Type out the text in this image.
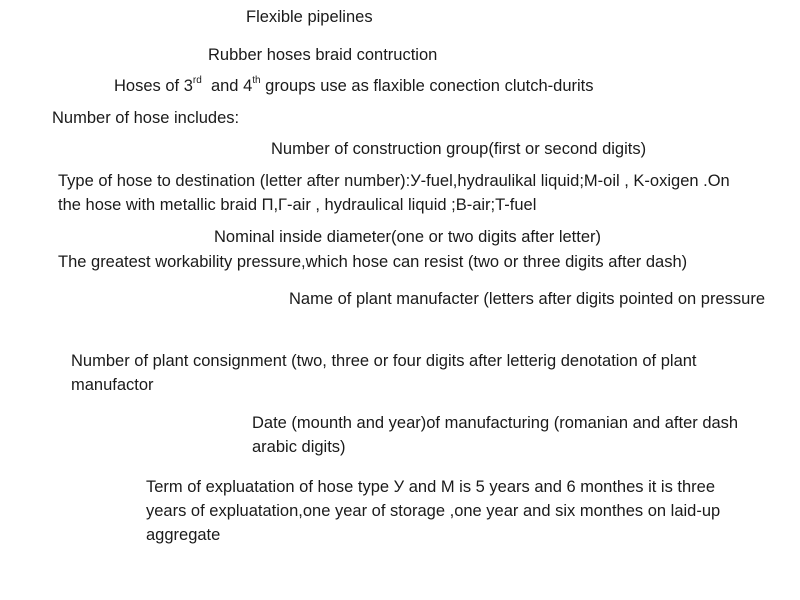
Flexible pipelines
Rubber hoses braid contruction
Hoses of 3rd  and 4th groups use as flaxible conection clutch-durits
Number of hose includes:
Number of construction group(first or second digits)
Type of hose to destination (letter after number):У-fuel,hydraulikal liquid;M-oil , K-oxigen .On the hose with metallic braid П,Г-air , hydraulical liquid ;B-air;T-fuel
Nominal inside diameter(one or two digits after letter)
The greatest workability pressure,which hose can resist (two or three digits after dash)
Name of plant manufacter (letters after digits pointed on pressure
Number of plant consignment (two, three or four digits after letterig denotation of plant manufactor
Date (mounth and year)of manufacturing (romanian and after dash arabic digits)
Term of expluatation of hose type У and M is 5 years and 6 monthes it is three years of expluatation,one year of storage ,one year and six monthes on laid-up aggregate
